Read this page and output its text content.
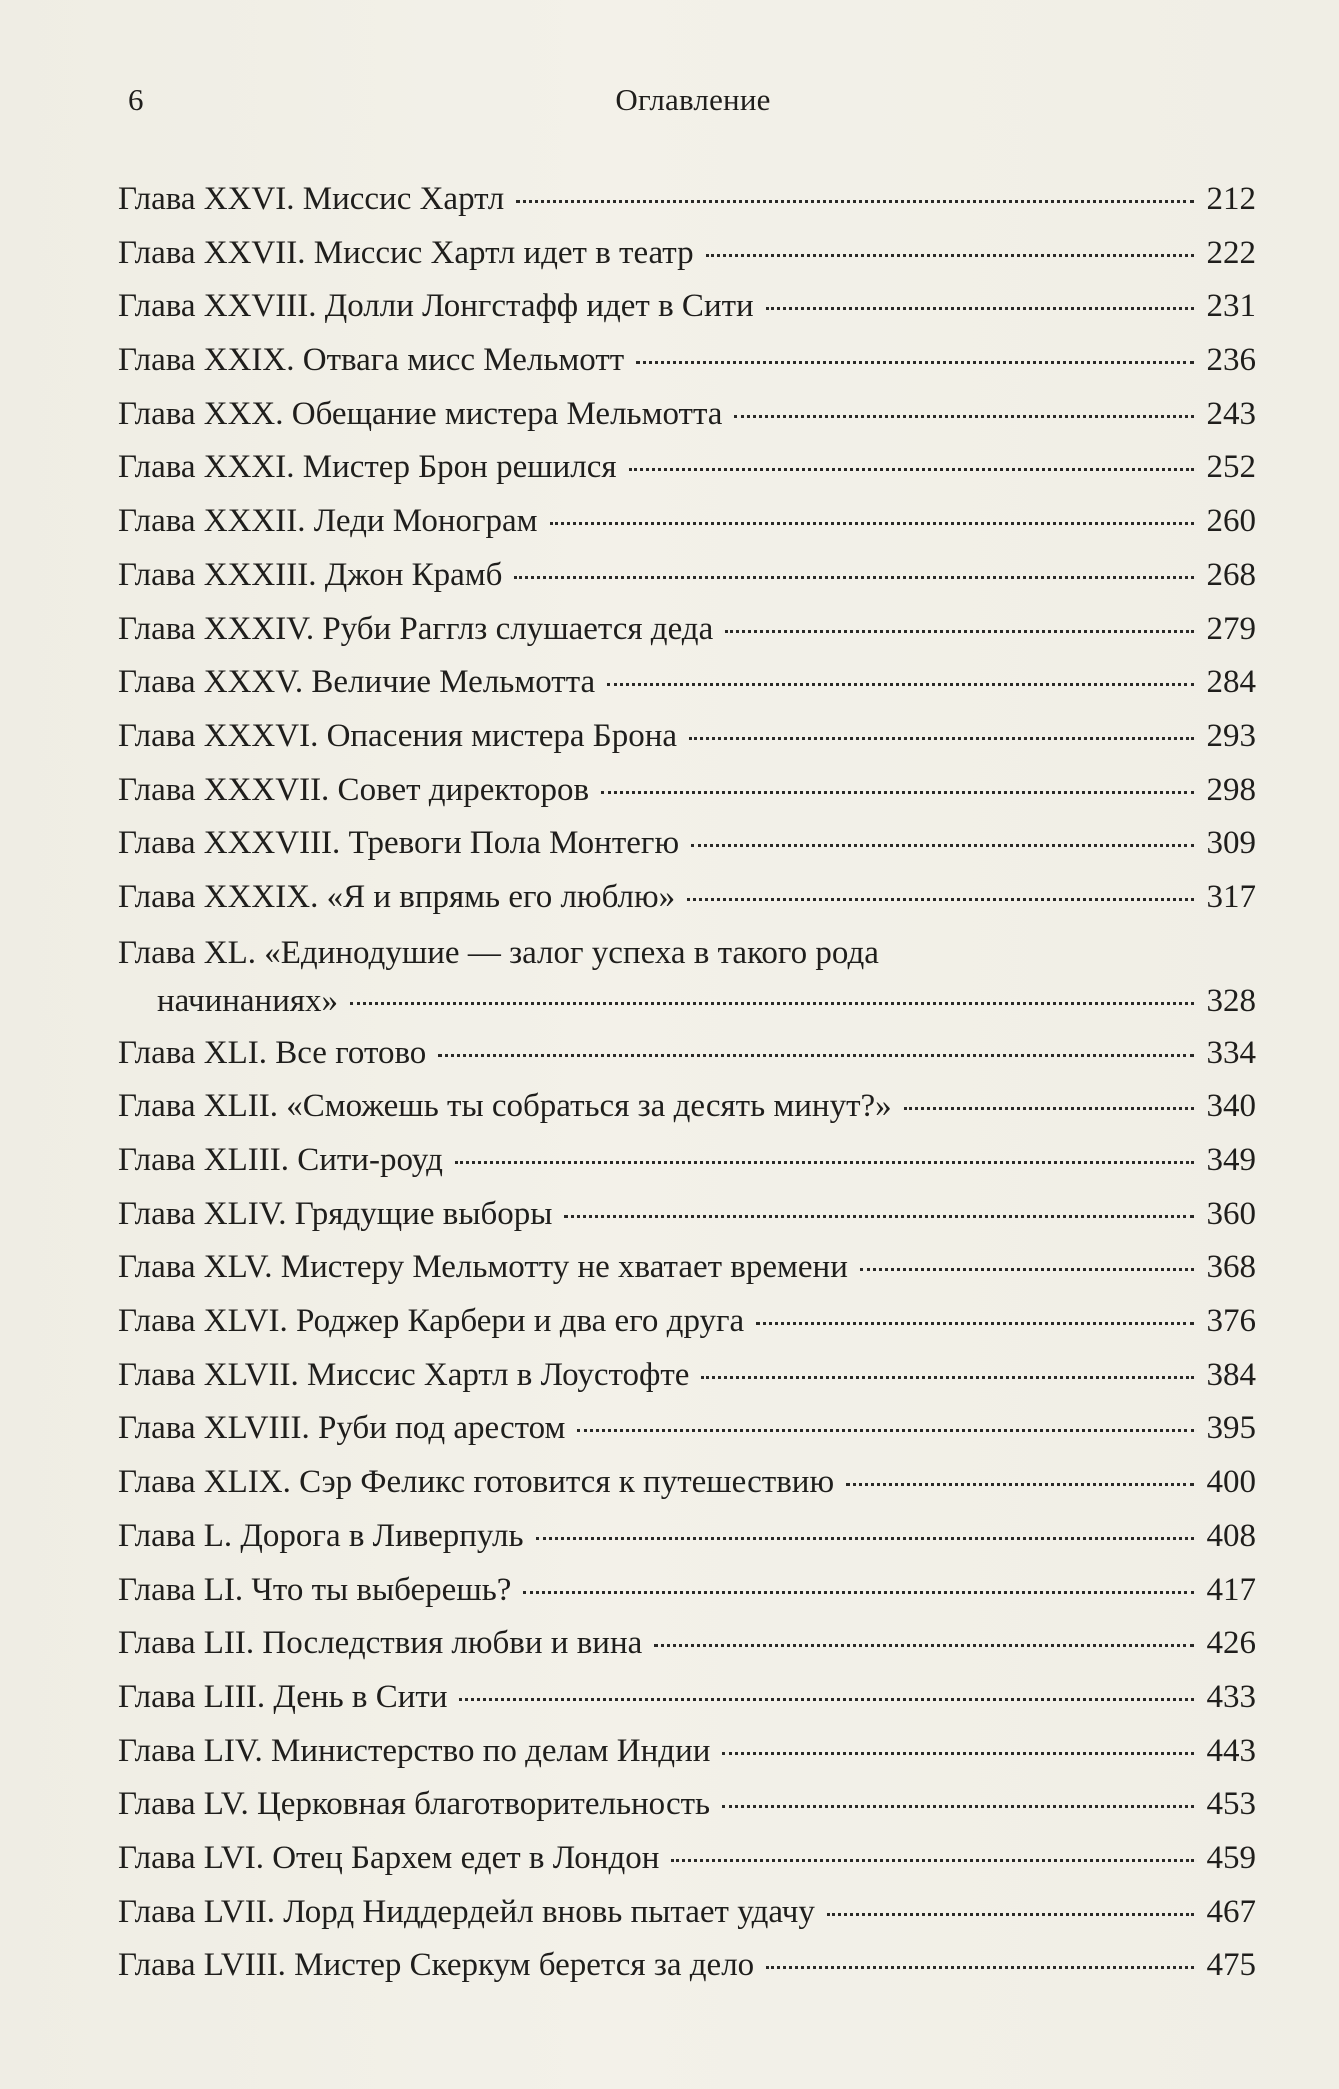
6	Оглавление
Глава XXVI. Миссис Хартл	212
Глава XXVII. Миссис Хартл идет в театр	222
Глава XXVIII. Долли Лонгстафф идет в Сити	231
Глава XXIX. Отвага мисс Мельмотт	236
Глава XXX. Обещание мистера Мельмотта	243
Глава XXXI. Мистер Брон решился	252
Глава XXXII. Леди Монограм	260
Глава XXXIII. Джон Крамб	268
Глава XXXIV. Руби Рагглз слушается деда	279
Глава XXXV. Величие Мельмотта	284
Глава XXXVI. Опасения мистера Брона	293
Глава XXXVII. Совет директоров	298
Глава XXXVIII. Тревоги Пола Монтегю	309
Глава XXXIX. «Я и впрямь его люблю»	317
Глава XL. «Единодушие — залог успеха в такого рода
начинаниях»	328
Глава XLI. Все готово	334
Глава XLII. «Сможешь ты собраться за десять минут?»	340
Глава XLIII. Сити-роуд	349
Глава XLIV. Грядущие выборы	360
Глава XLV. Мистеру Мельмотту не хватает времени	368
Глава XLVI. Роджер Карбери и два его друга	376
Глава XLVII. Миссис Хартл в Лоустофте	384
Глава XLVIII. Руби под арестом	395
Глава XLIX. Сэр Феликс готовится к путешествию	400
Глава L. Дорога в Ливерпуль	408
Глава LI. Что ты выберешь?	417
Глава LII. Последствия любви и вина	426
Глава LIII. День в Сити	433
Глава LIV. Министерство по делам Индии	443
Глава LV. Церковная благотворительность	453
Глава LVI. Отец Бархем едет в Лондон	459
Глава LVII. Лорд Ниддердейл вновь пытает удачу	467
Глава LVIII. Мистер Скеркум берется за дело	475
